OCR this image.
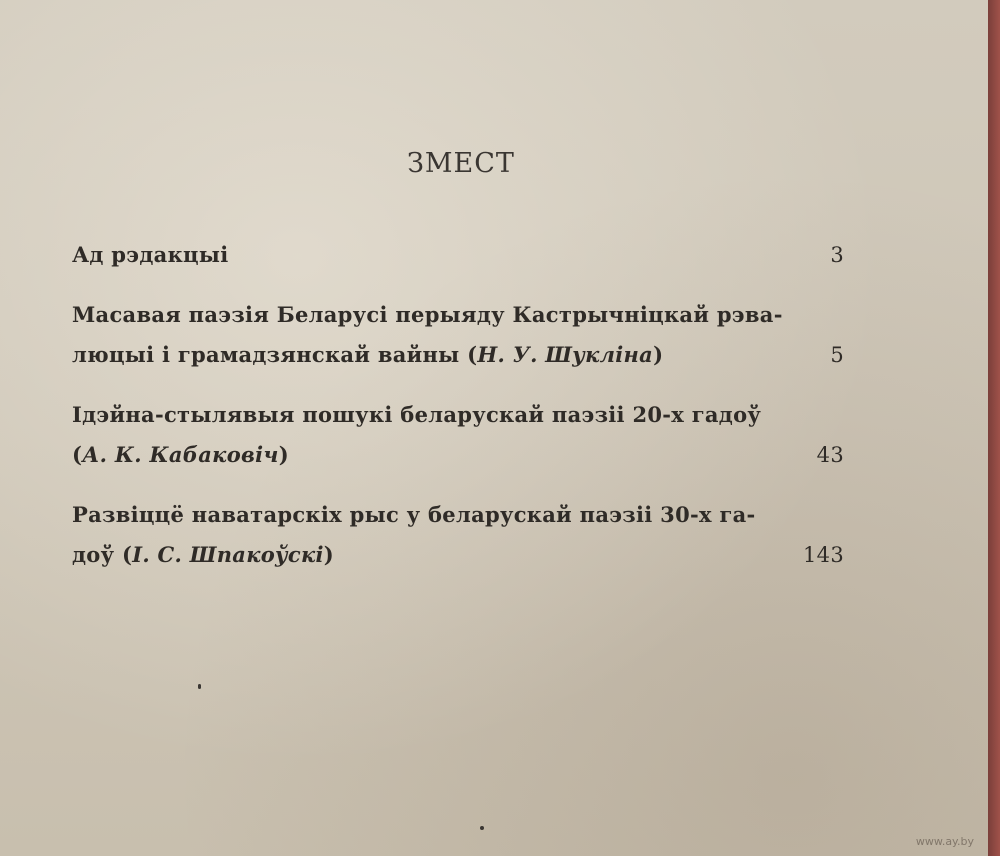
ЗМЕСТ
Ад рэдакцыі	3
Масавая паэзія Беларусі перыяду Кастрычніцкай рэва-
люцыі і грамадзянскай вайны (Н. У. Шукліна)	5
Ідэйна-стылявыя пошукі беларускай паэзіі 20-х гадоў
(А. К. Кабаковіч)	43
Развіццё наватарскіх рыс у беларускай паэзіі 30-х га-
доў (І. С. Шпакоўскі)	143
www.ay.by
